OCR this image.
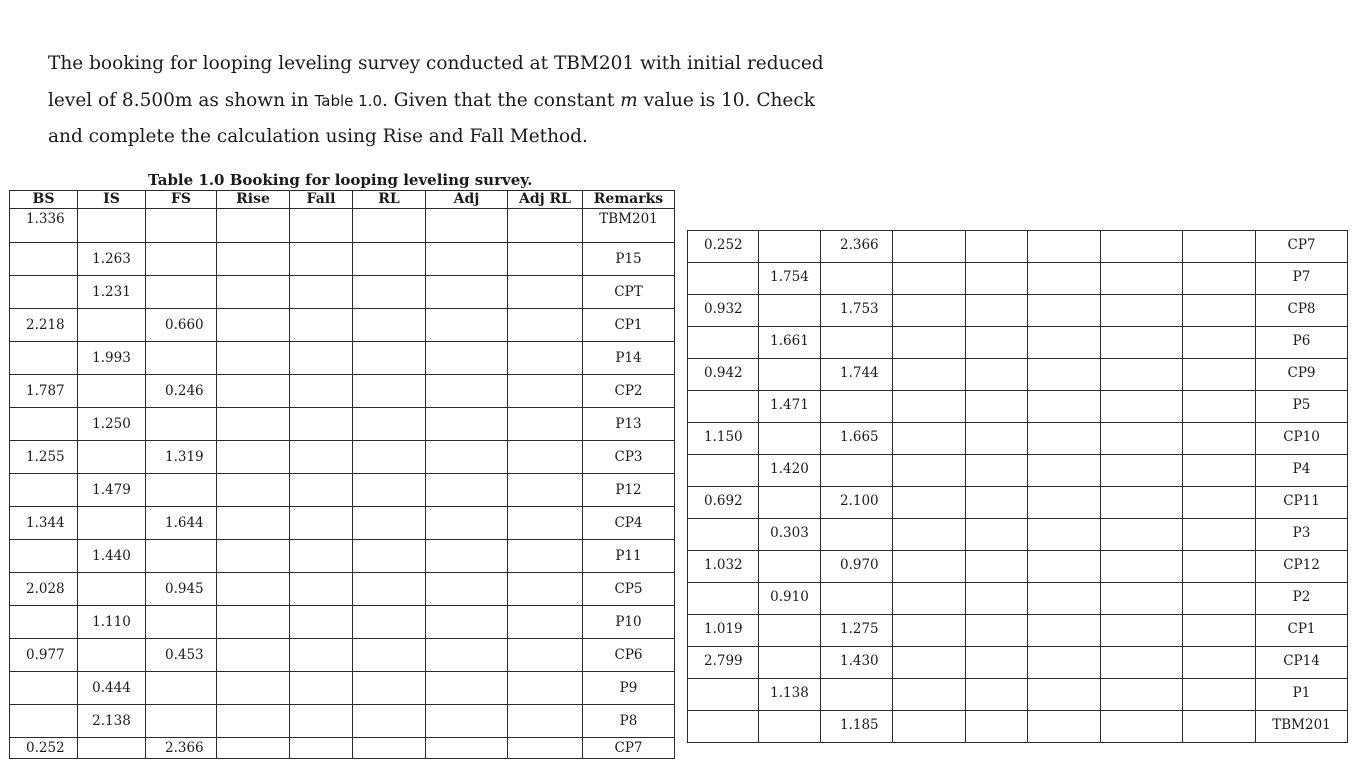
The booking for looping leveling survey conducted at TBM201 with initial reduced
level of 8.500m as shown in Table 1.0. Given that the constant m value is 10. Check
and complete the calculation using Rise and Fall Method.
Table 1.0 Booking for looping leveling survey.
BS	IS	FS	Rise	Fall	RL	Adj	Adj RL	Remarks
1.336								TBM201
	1.263							P15
	1.231							CPT
2.218		0.660						CP1
	1.993							P14
1.787		0.246						CP2
	1.250							P13
1.255		1.319						CP3
	1.479							P12
1.344		1.644						CP4
	1.440							P11
2.028		0.945						CP5
	1.110							P10
0.977		0.453						CP6
	0.444							P9
	2.138							P8
0.252		2.366						CP7
0.252		2.366						CP7
	1.754							P7
0.932		1.753						CP8
	1.661							P6
0.942		1.744						CP9
	1.471							P5
1.150		1.665						CP10
	1.420							P4
0.692		2.100						CP11
	0.303							P3
1.032		0.970						CP12
	0.910							P2
1.019		1.275						CP1
2.799		1.430						CP14
	1.138							P1
		1.185						TBM201
